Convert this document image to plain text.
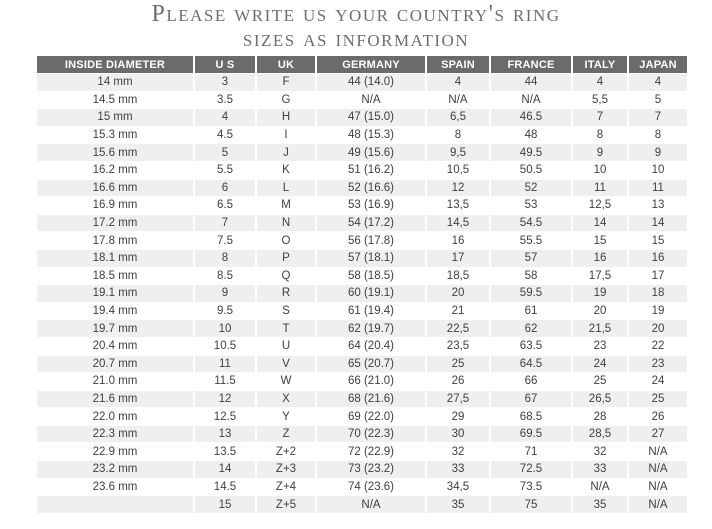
Please write us your country's ring
sizes as information
INSIDE DIAMETER	U S	UK	GERMANY	SPAIN	FRANCE	ITALY	JAPAN
14 mm	3	F	44 (14.0)	4	44	4	4
14.5 mm	3.5	G	N/A	N/A	N/A	5,5	5
15 mm	4	H	47 (15.0)	6,5	46.5	7	7
15.3 mm	4.5	I	48 (15.3)	8	48	8	8
15.6 mm	5	J	49 (15.6)	9,5	49.5	9	9
16.2 mm	5.5	K	51 (16.2)	10,5	50.5	10	10
16.6 mm	6	L	52 (16.6)	12	52	11	11
16.9 mm	6.5	M	53 (16.9)	13,5	53	12,5	13
17.2 mm	7	N	54 (17.2)	14,5	54.5	14	14
17.8 mm	7.5	O	56 (17.8)	16	55.5	15	15
18.1 mm	8	P	57 (18.1)	17	57	16	16
18.5 mm	8.5	Q	58 (18.5)	18,5	58	17,5	17
19.1 mm	9	R	60 (19.1)	20	59.5	19	18
19.4 mm	9.5	S	61 (19.4)	21	61	20	19
19.7 mm	10	T	62 (19.7)	22,5	62	21,5	20
20.4 mm	10.5	U	64 (20.4)	23,5	63.5	23	22
20.7 mm	11	V	65 (20.7)	25	64.5	24	23
21.0 mm	11.5	W	66 (21.0)	26	66	25	24
21.6 mm	12	X	68 (21.6)	27,5	67	26,5	25
22.0 mm	12.5	Y	69 (22.0)	29	68.5	28	26
22.3 mm	13	Z	70 (22.3)	30	69.5	28,5	27
22.9 mm	13.5	Z+2	72 (22.9)	32	71	32	N/A
23.2 mm	14	Z+3	73 (23.2)	33	72.5	33	N/A
23.6 mm	14.5	Z+4	74 (23.6)	34,5	73.5	N/A	N/A
	15	Z+5	N/A	35	75	35	N/A
